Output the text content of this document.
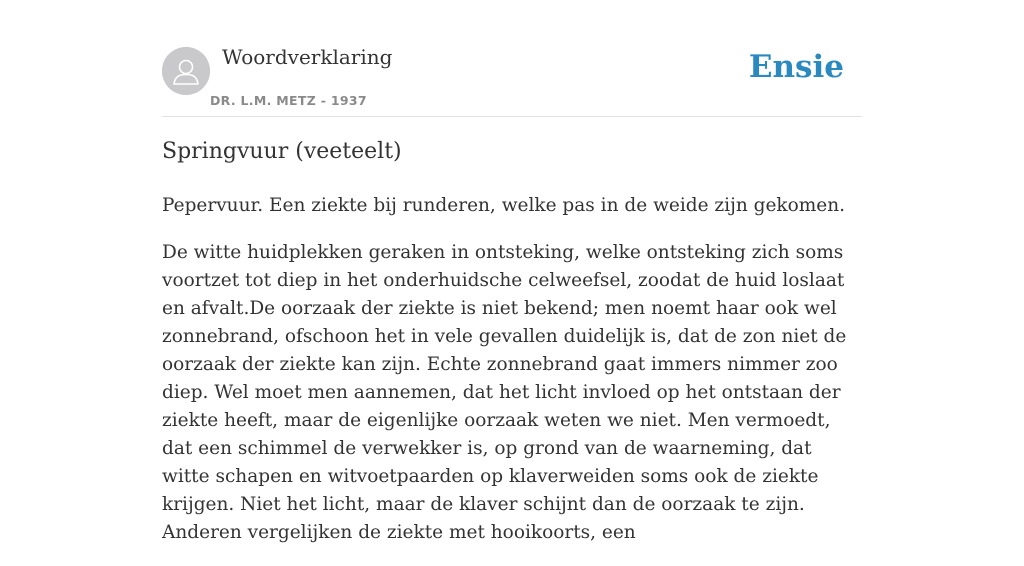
Woordverklaring
DR. L.M. METZ - 1937
Ensie
Springvuur (veeteelt)

Pepervuur. Een ziekte bij runderen, welke pas in de weide zijn gekomen.

De witte huidplekken geraken in ontsteking, welke ontsteking zich soms voortzet tot diep in het onderhuidsche celweefsel, zoodat de huid loslaat en afvalt.De oorzaak der ziekte is niet bekend; men noemt haar ook wel zonnebrand, ofschoon het in vele gevallen duidelijk is, dat de zon niet de oorzaak der ziekte kan zijn. Echte zonnebrand gaat immers nimmer zoo diep. Wel moet men aannemen, dat het licht invloed op het ontstaan der ziekte heeft, maar de eigenlijke oorzaak weten we niet. Men vermoedt, dat een schimmel de verwekker is, op grond van de waarneming, dat witte schapen en witvoetpaarden op klaverweiden soms ook de ziekte krijgen. Niet het licht, maar de klaver schijnt dan de oorzaak te zijn. Anderen vergelijken de ziekte met hooikoorts, een
